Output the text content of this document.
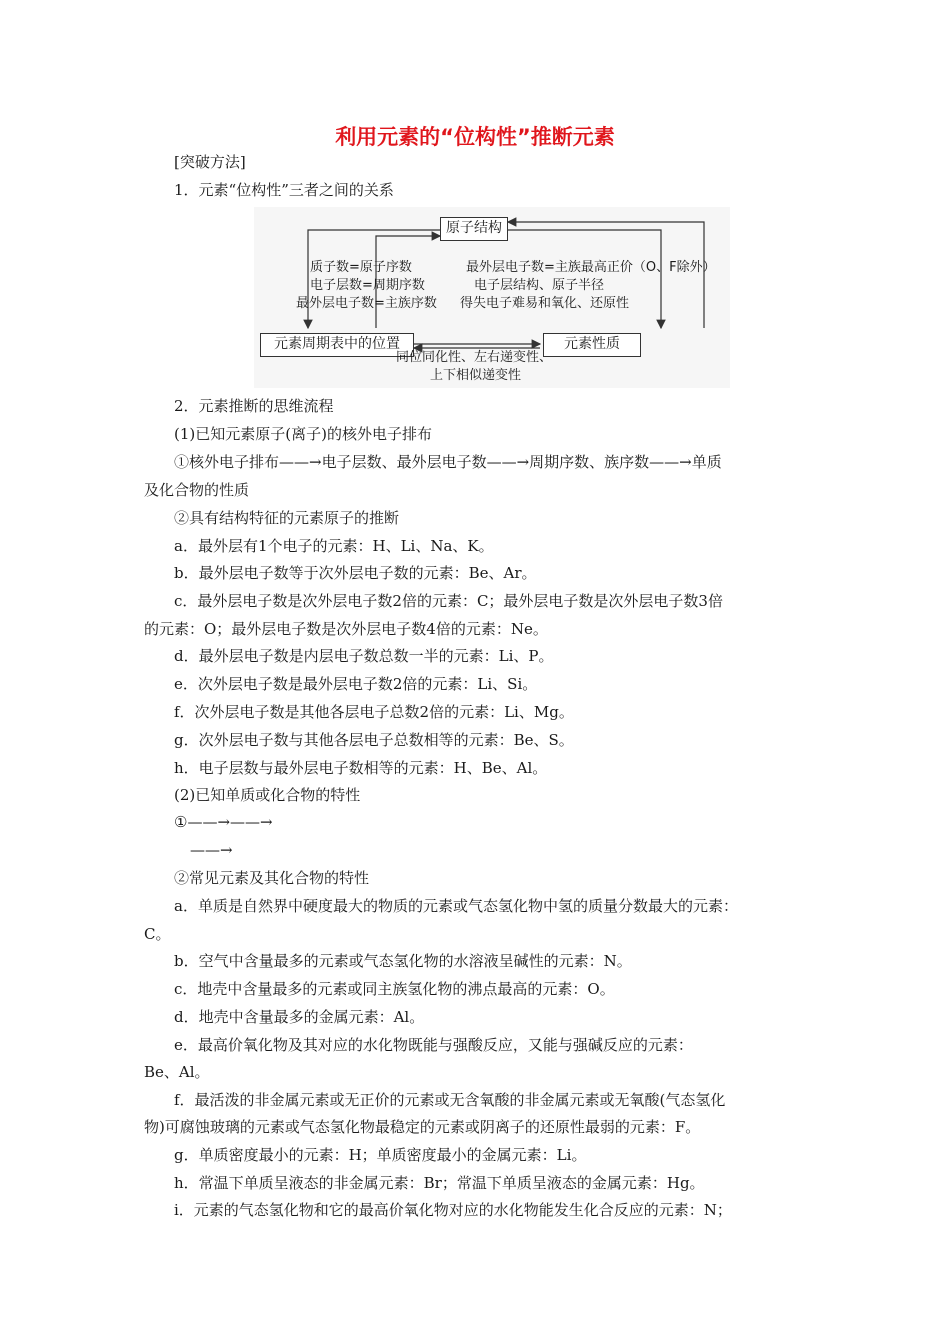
利用元素的“位构性”推断元素
[突破方法]
1．元素“位构性”三者之间的关系
原子结构
元素周期表中的位置	元素性质
质子数=原子序数
电子层数=周期序数
最外层电子数=主族序数
最外层电子数=主族最高正价（O、F除外）
电子层结构、原子半径
得失电子难易和氧化、还原性
同位同化性、左右递变性、
上下相似递变性
2．元素推断的思维流程
(1)已知元素原子(离子)的核外电子排布
①核外电子排布——→电子层数、最外层电子数——→周期序数、族序数——→单质
及化合物的性质
②具有结构特征的元素原子的推断
a．最外层有1个电子的元素：H、Li、Na、K。
b．最外层电子数等于次外层电子数的元素：Be、Ar。
c．最外层电子数是次外层电子数2倍的元素：C；最外层电子数是次外层电子数3倍
的元素：O；最外层电子数是次外层电子数4倍的元素：Ne。
d．最外层电子数是内层电子数总数一半的元素：Li、P。
e．次外层电子数是最外层电子数2倍的元素：Li、Si。
f．次外层电子数是其他各层电子总数2倍的元素：Li、Mg。
g．次外层电子数与其他各层电子总数相等的元素：Be、S。
h．电子层数与最外层电子数相等的元素：H、Be、Al。
(2)已知单质或化合物的特性
①——→——→
——→
②常见元素及其化合物的特性
a．单质是自然界中硬度最大的物质的元素或气态氢化物中氢的质量分数最大的元素：
C。
b．空气中含量最多的元素或气态氢化物的水溶液呈碱性的元素：N。
c．地壳中含量最多的元素或同主族氢化物的沸点最高的元素：O。
d．地壳中含量最多的金属元素：Al。
e．最高价氧化物及其对应的水化物既能与强酸反应，又能与强碱反应的元素：
Be、Al。
f．最活泼的非金属元素或无正价的元素或无含氧酸的非金属元素或无氧酸(气态氢化
物)可腐蚀玻璃的元素或气态氢化物最稳定的元素或阴离子的还原性最弱的元素：F。
g．单质密度最小的元素：H；单质密度最小的金属元素：Li。
h．常温下单质呈液态的非金属元素：Br；常温下单质呈液态的金属元素：Hg。
i．元素的气态氢化物和它的最高价氧化物对应的水化物能发生化合反应的元素：N；
